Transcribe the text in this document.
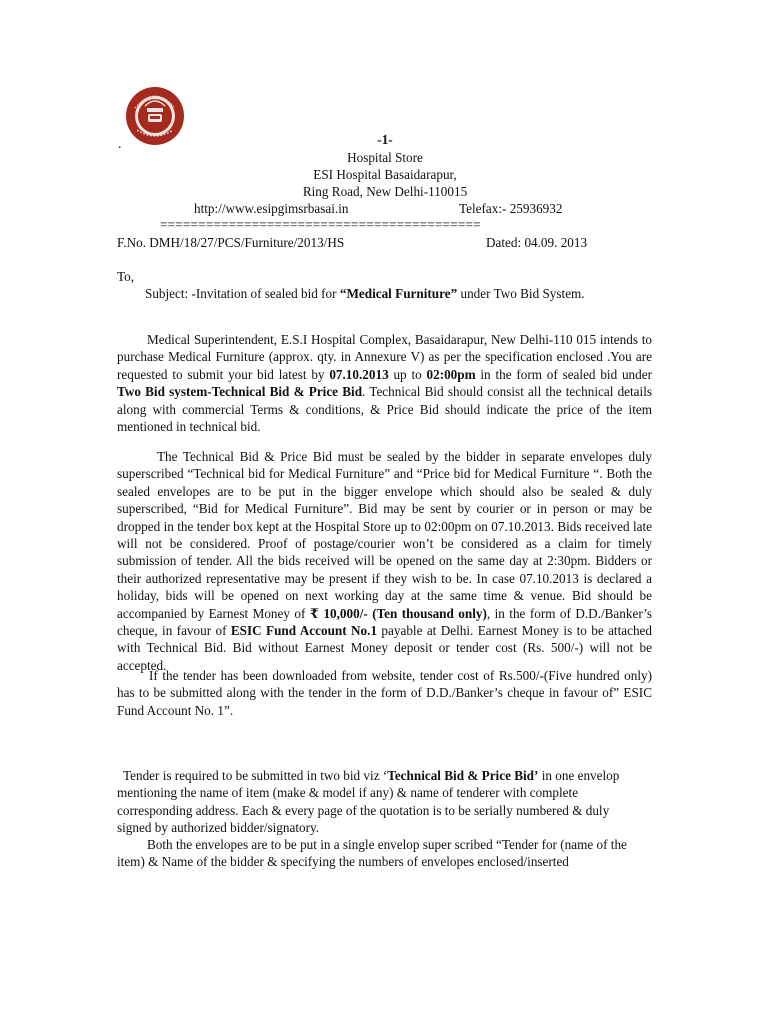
.	-1-
Hospital Store
ESI Hospital Basaidarapur,
Ring Road, New Delhi-110015
http://www.esipgimsrbasai.in	Telefax:- 25936932
==========================================
F.No. DMH/18/27/PCS/Furniture/2013/HS	Dated: 04.09. 2013
To,
Subject: -Invitation of sealed bid for “Medical Furniture” under Two Bid System.

Medical Superintendent, E.S.I Hospital Complex, Basaidarapur, New Delhi-110 015 intends to purchase Medical Furniture (approx. qty. in Annexure V) as per the specification enclosed .You are requested to submit your bid latest by 07.10.2013 up to 02:00pm in the form of sealed bid under Two Bid system-Technical Bid & Price Bid. Technical Bid should consist all the technical details along with commercial Terms & conditions, & Price Bid should indicate the price of the item mentioned in technical bid.

The Technical Bid & Price Bid must be sealed by the bidder in separate envelopes duly superscribed “Technical bid for Medical Furniture” and “Price bid for Medical Furniture “. Both the sealed envelopes are to be put in the bigger envelope which should also be sealed & duly superscribed, “Bid for Medical Furniture”. Bid may be sent by courier or in person or may be dropped in the tender box kept at the Hospital Store up to 02:00pm on 07.10.2013. Bids received late will not be considered. Proof of postage/courier won’t be considered as a claim for timely submission of tender. All the bids received will be opened on the same day at 2:30pm. Bidders or their authorized representative may be present if they wish to be. In case 07.10.2013 is declared a holiday, bids will be opened on next working day at the same time & venue. Bid should be accompanied by Earnest Money of ₹ 10,000/- (Ten thousand only), in the form of D.D./Banker’s cheque, in favour of ESIC Fund Account No.1 payable at Delhi. Earnest Money is to be attached with Technical Bid. Bid without Earnest Money deposit or tender cost (Rs. 500/-) will not be accepted.

If the tender has been downloaded from website, tender cost of Rs.500/-(Five hundred only) has to be submitted along with the tender in the form of D.D./Banker’s cheque in favour of” ESIC Fund Account No. 1”.

Tender is required to be submitted in two bid viz ‘Technical Bid & Price Bid’ in one envelop mentioning the name of item (make & model if any) & name of tenderer with complete corresponding address. Each & every page of the quotation is to be serially numbered & duly signed by authorized bidder/signatory.

Both the envelopes are to be put in a single envelop super scribed “Tender for (name of the item) & Name of the bidder & specifying the numbers of envelopes enclosed/inserted
